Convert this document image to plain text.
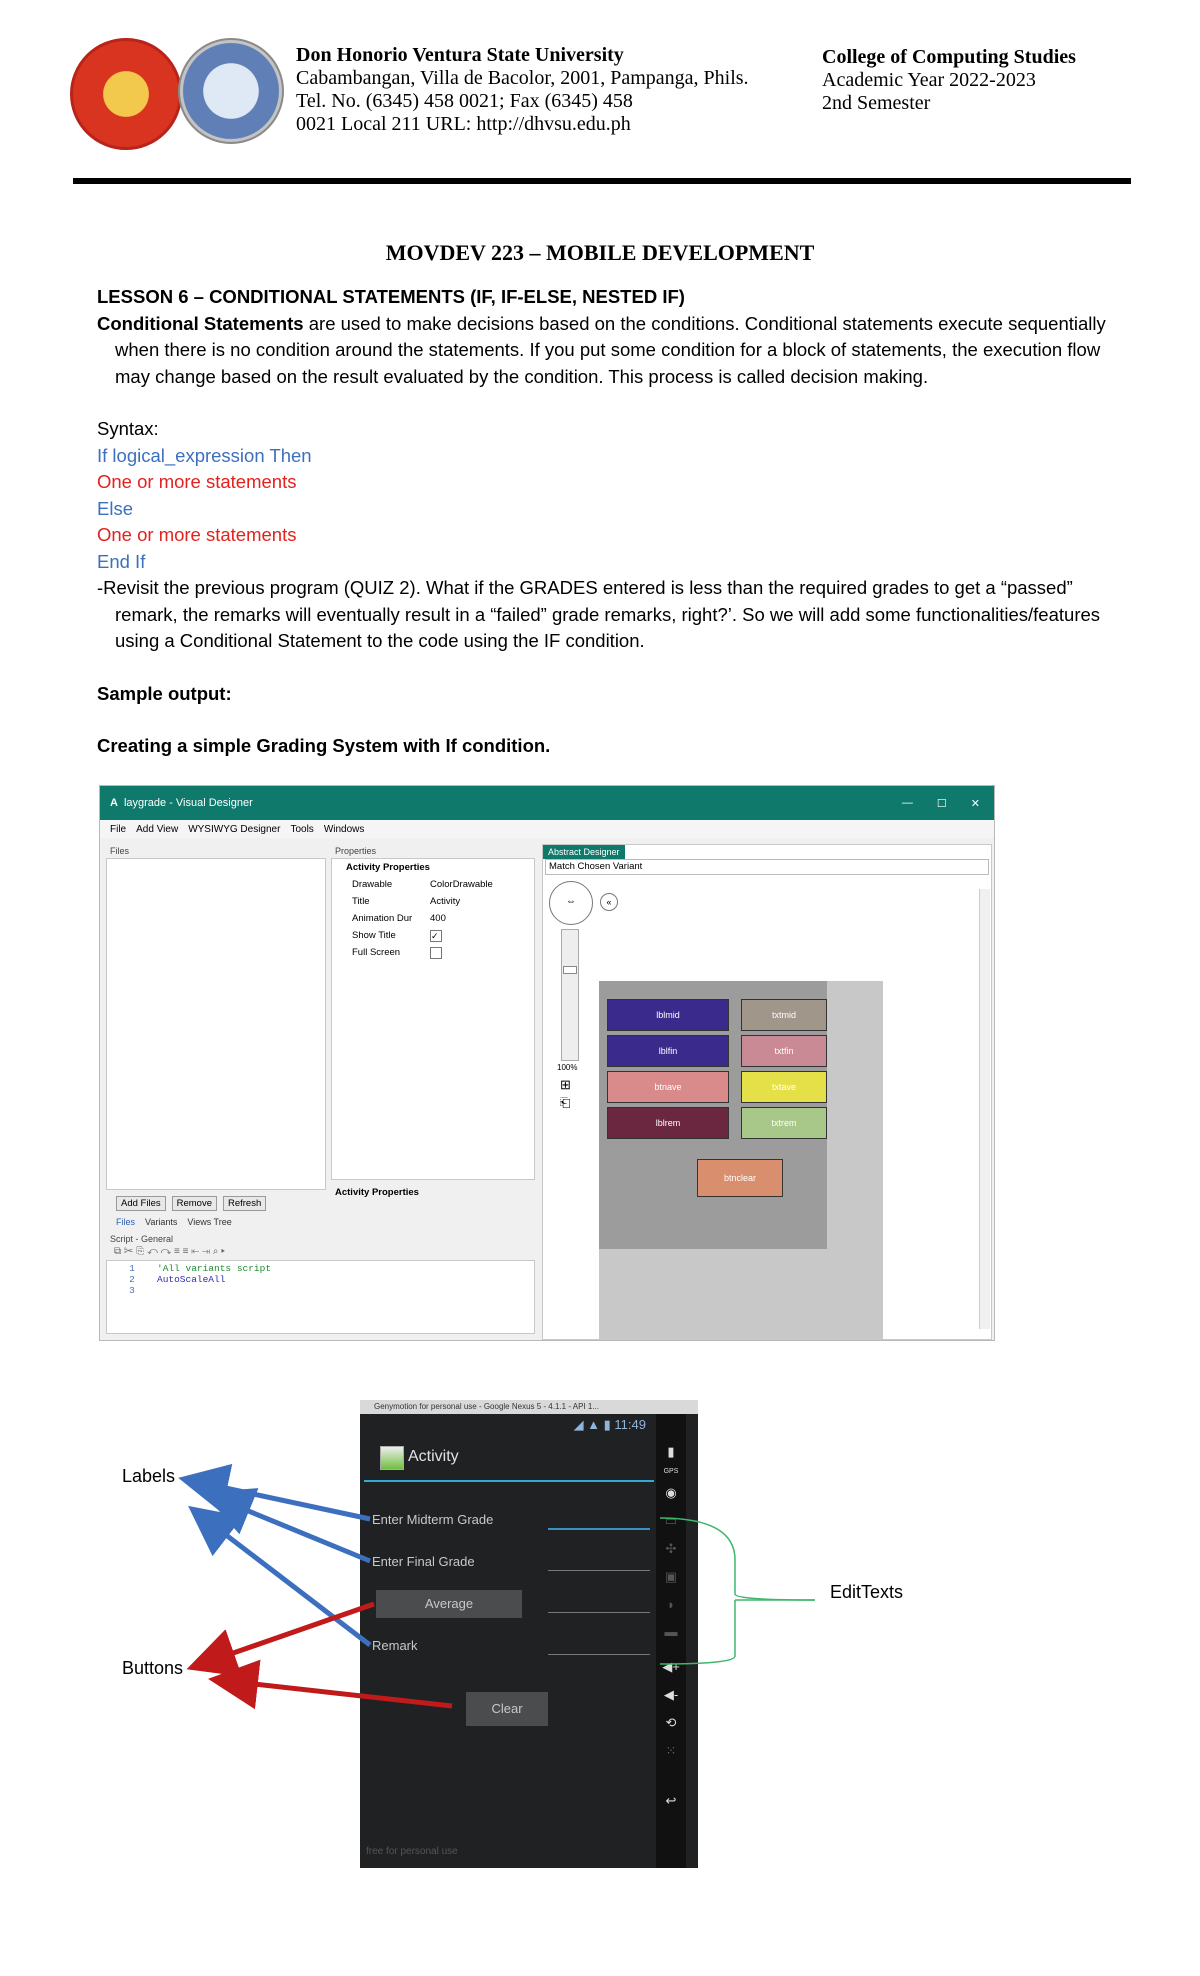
Don Honorio Ventura State University
Cabambangan, Villa de Bacolor, 2001, Pampanga, Phils.
Tel. No. (6345) 458 0021; Fax (6345) 458
0021 Local 211 URL: http://dhvsu.edu.ph
College of Computing Studies
Academic Year 2022-2023
2nd Semester
MOVDEV 223 – MOBILE DEVELOPMENT
LESSON 6 – CONDITIONAL STATEMENTS (IF, IF-ELSE, NESTED IF)
Conditional Statements are used to make decisions based on the conditions. Conditional statements execute sequentially when there is no condition around the statements. If you put some condition for a block of statements, the execution flow may change based on the result evaluated by the condition. This process is called decision making.
Syntax:
If logical_expression Then
One or more statements
Else
One or more statements
End If
-Revisit the previous program (QUIZ 2). What if the GRADES entered is less than the required grades to get a “passed” remark, the remarks will eventually result in a “failed” grade remarks, right?’. So we will add some functionalities/features using a Conditional Statement to the code using the IF condition.
Sample output:
Creating a simple Grading System with If condition.
A laygrade - Visual Designer	— ☐ ✕
File Add View WYSIWYG Designer Tools Windows
Files
Add Files	Remove	Refresh
Files Variants Views Tree
Properties
Activity Properties
Drawable	ColorDrawable
Title	Activity
Animation Dur	400
Show Title	✓
Full Screen
Activity Properties
Script - General
⧉ ✂ ⎘ ↶ ↷ ≡ ≡ ⇤ ⇥ ⌕ ▸
1	'All variants script
2	AutoScaleAll
3
Abstract Designer
Match Chosen Variant
⇔	«
100%
⊞
⎗
lblmid	txtmid
lblfin	txtfin
btnave	txtave
lblrem	txtrem
btnclear
Genymotion for personal use - Google Nexus 5 - 4.1.1 - API 1...
◢ ▲ ▮ 11:49
Activity
Enter Midterm Grade
Enter Final Grade
Average
Remark
Clear
free for personal use
▮
GPS
◉
▭
✣
▣
◗
▬
◀+
◀-
⟲
⁙
↩
Labels
Buttons
EditTexts
